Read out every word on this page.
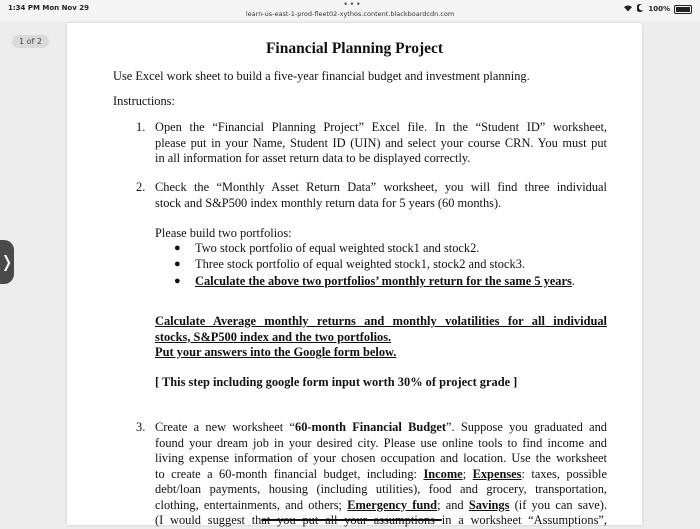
1:34 PM Mon Nov 29	•••
learn-us-east-1-prod-fleet02-xythos.content.blackboardcdn.com
100%
1 of 2
❭
Financial Planning Project

Use Excel work sheet to build a five-year financial budget and investment planning.

Instructions:

1. Open the “Financial Planning Project” Excel file. In the “Student ID” worksheet,

please put in your Name, Student ID (UIN) and select your course CRN. You must put

in all information for asset return data to be displayed correctly.

2. Check the “Monthly Asset Return Data” worksheet, you will find three individual

stock and S&P500 index monthly return data for 5 years (60 months).

Please build two portfolios:

● Two stock portfolio of equal weighted stock1 and stock2.

● Three stock portfolio of equal weighted stock1, stock2 and stock3.

● Calculate the above two portfolios’ monthly return for the same 5 years.

Calculate Average monthly returns and monthly volatilities for all individual

stocks, S&P500 index and the two portfolios.

Put your answers into the Google form below.

[ This step including google form input worth 30% of project grade ]

3. Create a new worksheet “60-month Financial Budget”. Suppose you graduated and

found your dream job in your desired city. Please use online tools to find income and

living expense information of your chosen occupation and location. Use the worksheet

to create a 60-month financial budget, including: Income; Expenses: taxes, possible

debt/loan payments, housing (including utilities), food and grocery, transportation,

clothing, entertainments, and others; Emergency fund; and Savings (if you can save).

(I would suggest that you put all your assumptions in a worksheet “Assumptions”,
